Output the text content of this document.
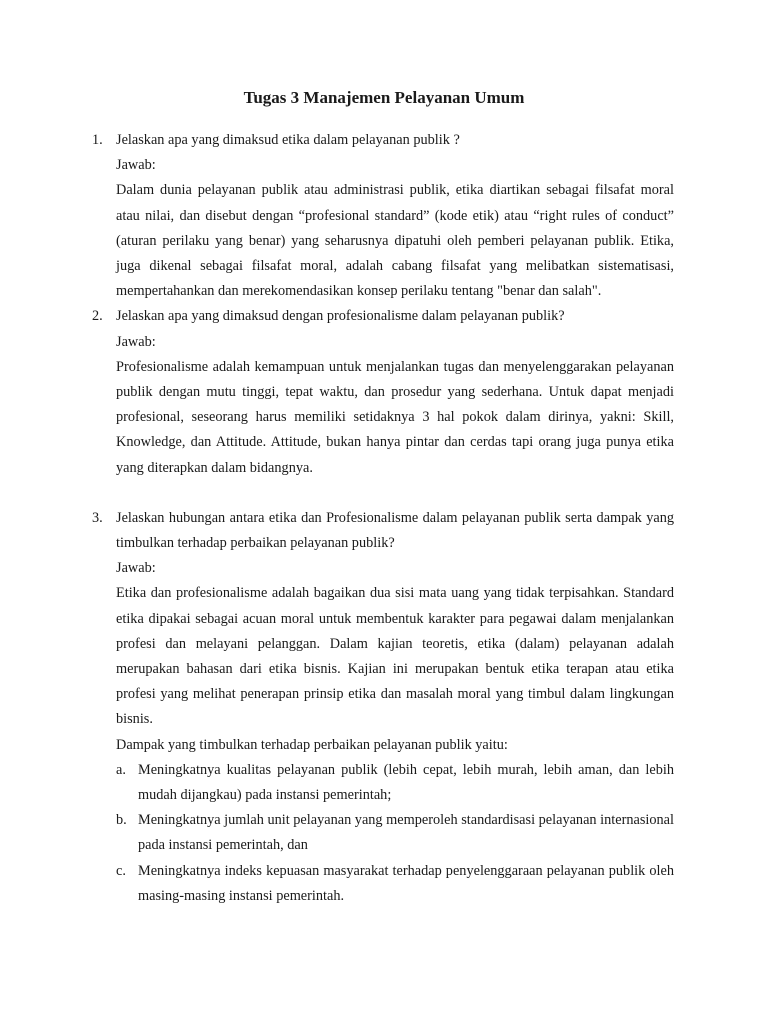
Tugas 3 Manajemen Pelayanan Umum
1. Jelaskan apa yang dimaksud etika dalam pelayanan publik ?
Jawab:
Dalam dunia pelayanan publik atau administrasi publik, etika diartikan sebagai filsafat moral atau nilai, dan disebut dengan “profesional standard” (kode etik) atau “right rules of conduct” (aturan perilaku yang benar) yang seharusnya dipatuhi oleh pemberi pelayanan publik. Etika, juga dikenal sebagai filsafat moral, adalah cabang filsafat yang melibatkan sistematisasi, mempertahankan dan merekomendasikan konsep perilaku tentang "benar dan salah".
2. Jelaskan apa yang dimaksud dengan profesionalisme dalam pelayanan publik?
Jawab:
Profesionalisme adalah kemampuan untuk menjalankan tugas dan menyelenggarakan pelayanan publik dengan mutu tinggi, tepat waktu, dan prosedur yang sederhana. Untuk dapat menjadi profesional, seseorang harus memiliki setidaknya 3 hal pokok dalam dirinya, yakni: Skill, Knowledge, dan Attitude. Attitude, bukan hanya pintar dan cerdas tapi orang juga punya etika yang diterapkan dalam bidangnya.
3. Jelaskan hubungan antara etika dan Profesionalisme dalam pelayanan publik serta dampak yang timbulkan terhadap perbaikan pelayanan publik?
Jawab:
Etika dan profesionalisme adalah bagaikan dua sisi mata uang yang tidak terpisahkan. Standard etika dipakai sebagai acuan moral untuk membentuk karakter para pegawai dalam menjalankan profesi dan melayani pelanggan. Dalam kajian teoretis, etika (dalam) pelayanan adalah merupakan bahasan dari etika bisnis. Kajian ini merupakan bentuk etika terapan atau etika profesi yang melihat penerapan prinsip etika dan masalah moral yang timbul dalam lingkungan bisnis.
Dampak yang timbulkan terhadap perbaikan pelayanan publik yaitu:
a. Meningkatnya kualitas pelayanan publik (lebih cepat, lebih murah, lebih aman, dan lebih mudah dijangkau) pada instansi pemerintah;
b. Meningkatnya jumlah unit pelayanan yang memperoleh standardisasi pelayanan internasional pada instansi pemerintah, dan
c. Meningkatnya indeks kepuasan masyarakat terhadap penyelenggaraan pelayanan publik oleh masing-masing instansi pemerintah.
